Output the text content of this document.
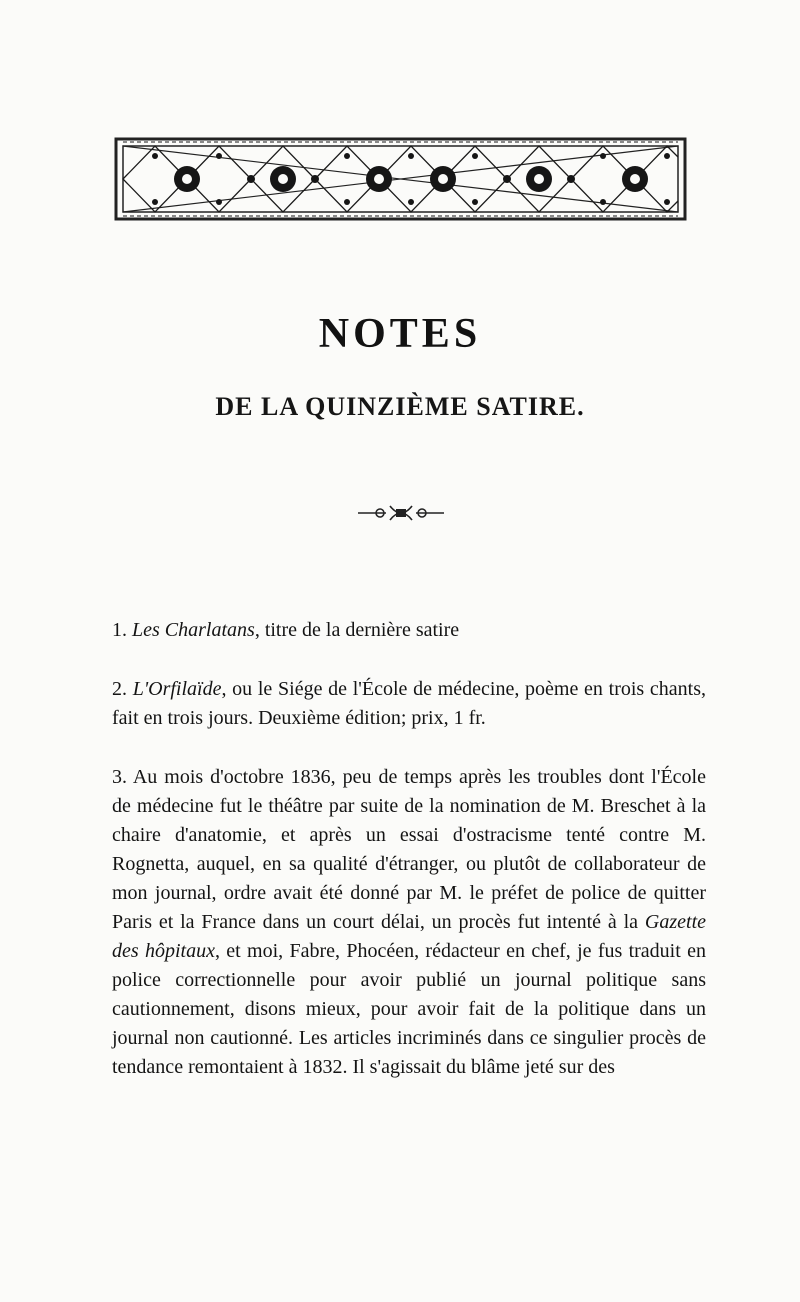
NOTES
DE LA QUINZIÈME SATIRE.

1. Les Charlatans, titre de la dernière satire

2. L'Orfilaïde, ou le Siége de l'École de médecine, poème en trois chants, fait en trois jours. Deuxième édition; prix, 1 fr.

3. Au mois d'octobre 1836, peu de temps après les troubles dont l'École de médecine fut le théâtre par suite de la nomination de M. Breschet à la chaire d'anatomie, et après un essai d'ostracisme tenté contre M. Rognetta, auquel, en sa qualité d'étranger, ou plutôt de collaborateur de mon journal, ordre avait été donné par M. le préfet de police de quitter Paris et la France dans un court délai, un procès fut intenté à la Gazette des hôpitaux, et moi, Fabre, Phocéen, rédacteur en chef, je fus traduit en police correctionnelle pour avoir publié un journal politique sans cautionnement, disons mieux, pour avoir fait de la politique dans un journal non cautionné. Les articles incriminés dans ce singulier procès de tendance remontaient à 1832. Il s'agissait du blâme jeté sur des
